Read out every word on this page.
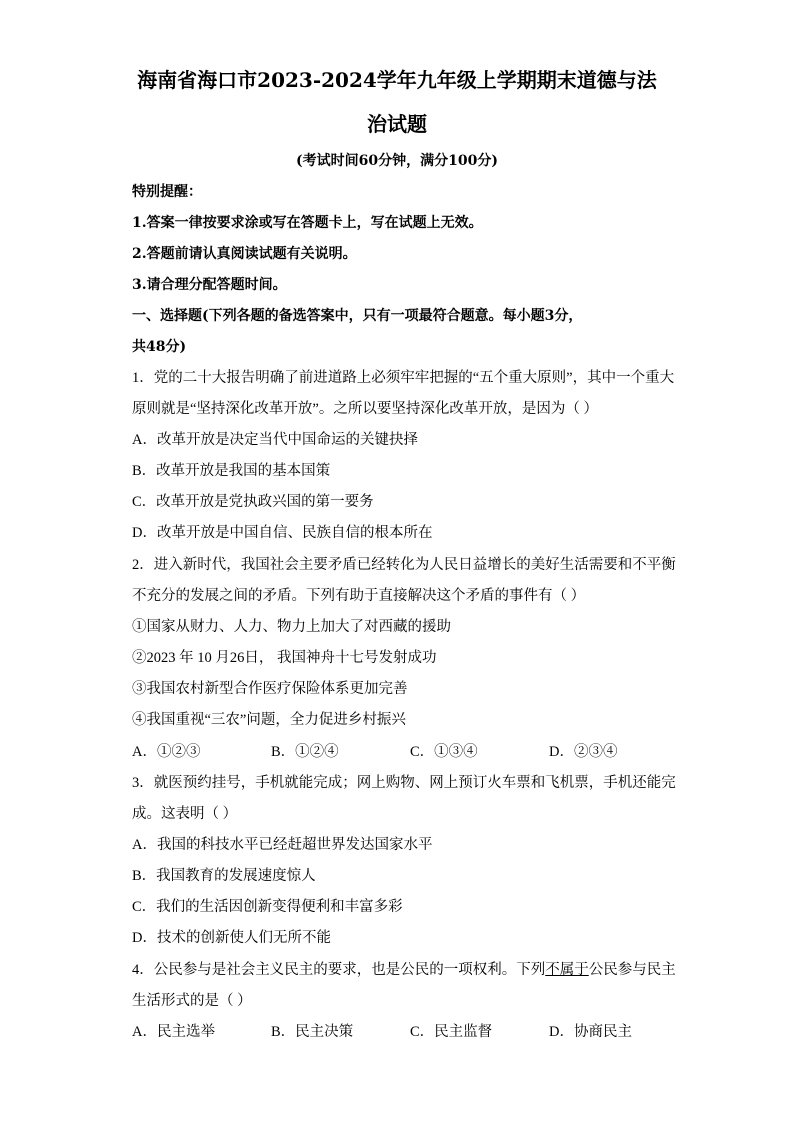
海南省海口市2023-2024学年九年级上学期期末道德与法
治试题
(考试时间60分钟，满分100分)
特别提醒：
1.答案一律按要求涂或写在答题卡上，写在试题上无效。
2.答题前请认真阅读试题有关说明。
3.请合理分配答题时间。
一、选择题(下列各题的备选答案中，只有一项最符合题意。每小题3分，
共48分)
1．党的二十大报告明确了前进道路上必须牢牢把握的“五个重大原则”，其中一个重大
原则就是“坚持深化改革开放”。之所以要坚持深化改革开放，是因为（ ）
A．改革开放是决定当代中国命运的关键抉择
B．改革开放是我国的基本国策
C．改革开放是党执政兴国的第一要务
D．改革开放是中国自信、民族自信的根本所在
2．进入新时代，我国社会主要矛盾已经转化为人民日益增长的美好生活需要和不平衡
不充分的发展之间的矛盾。下列有助于直接解决这个矛盾的事件有（ ）
①国家从财力、人力、物力上加大了对西藏的援助
②2023 年 10 月26日， 我国神舟十七号发射成功
③我国农村新型合作医疗保险体系更加完善
④我国重视“三农”问题，全力促进乡村振兴
A．①②③	B．①②④	C．①③④	D．②③④
3．就医预约挂号，手机就能完成；网上购物、网上预订火车票和飞机票，手机还能完
成。这表明（ ）
A．我国的科技水平已经赶超世界发达国家水平
B．我国教育的发展速度惊人
C．我们的生活因创新变得便利和丰富多彩
D．技术的创新使人们无所不能
4．公民参与是社会主义民主的要求，也是公民的一项权利。下列不属于公民参与民主
生活形式的是（ ）
A．民主选举	B．民主决策	C．民主监督	D．协商民主
